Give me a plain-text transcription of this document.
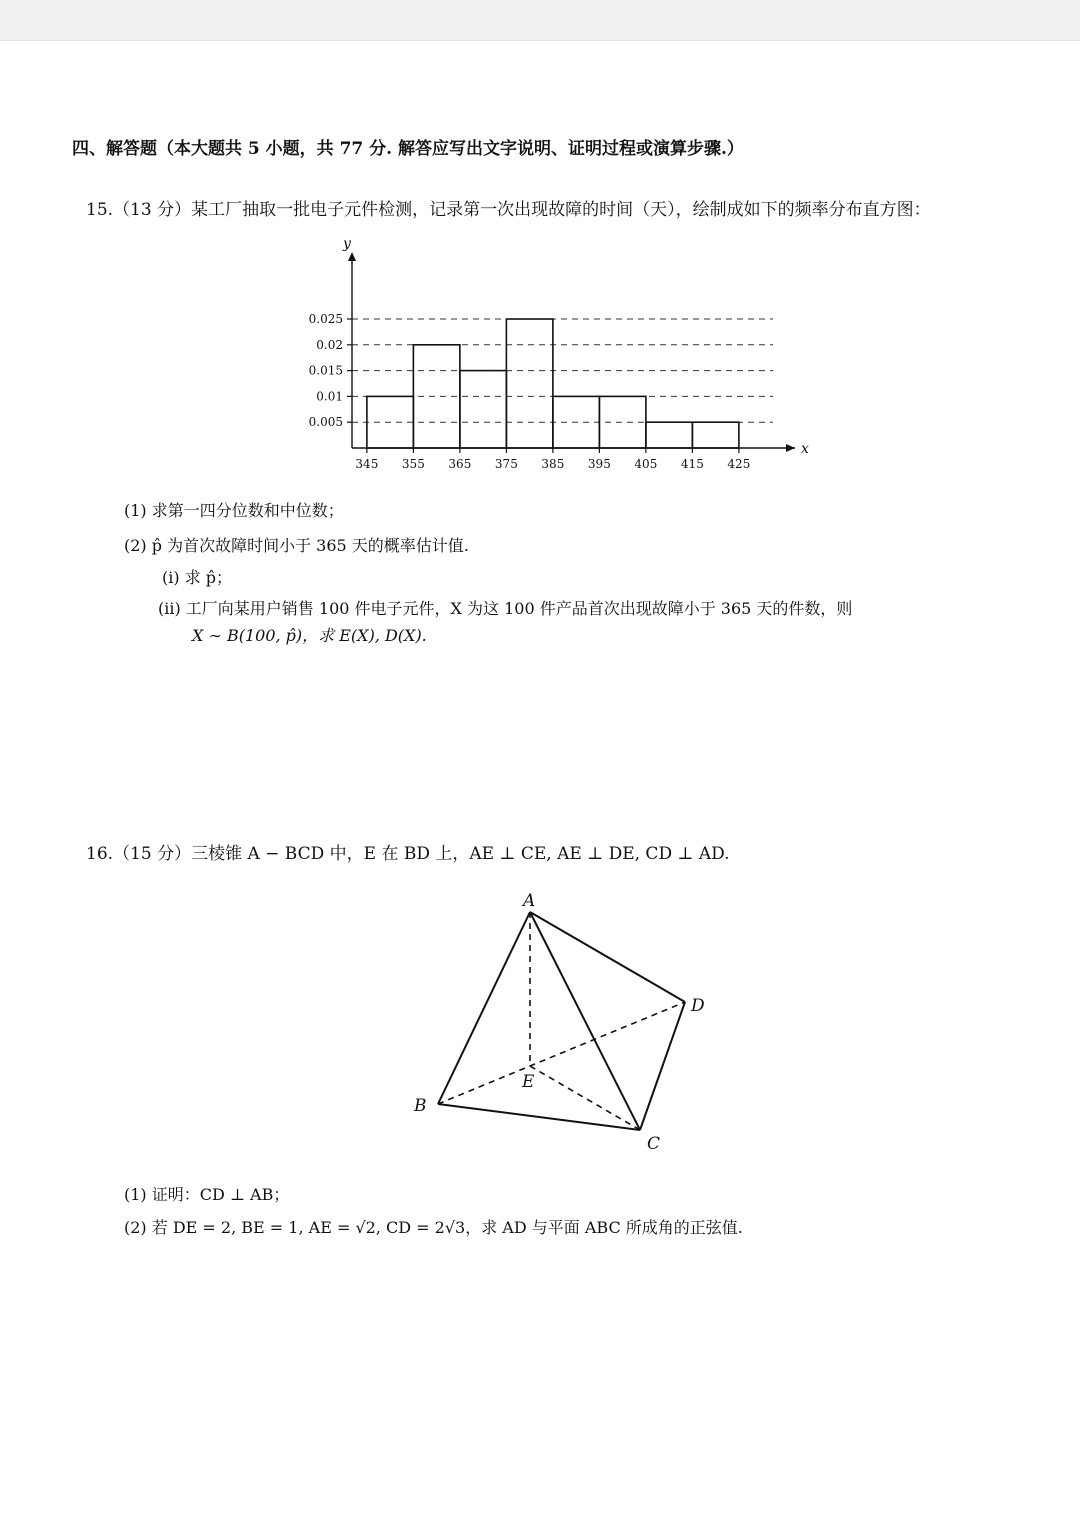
四、解答题（本大题共 5 小题，共 77 分. 解答应写出文字说明、证明过程或演算步骤.）
15.（13 分）某工厂抽取一批电子元件检测，记录第一次出现故障的时间（天），绘制成如下的频率分布直方图：
0.005
0.01
0.015
0.02
0.025
345 355 365 375 385 395 405 415 425
x
y
(1) 求第一四分位数和中位数；
(2) p̂ 为首次故障时间小于 365 天的概率估计值.
(i) 求 p̂；
(ii) 工厂向某用户销售 100 件电子元件，X 为这 100 件产品首次出现故障小于 365 天的件数，则
X ∼ B(100, p̂)，求 E(X), D(X).
16.（15 分）三棱锥 A − BCD 中，E 在 BD 上，AE ⊥ CE, AE ⊥ DE, CD ⊥ AD.
A
B
C
D
E
(1) 证明：CD ⊥ AB；
(2) 若 DE = 2, BE = 1, AE = √2, CD = 2√3，求 AD 与平面 ABC 所成角的正弦值.
